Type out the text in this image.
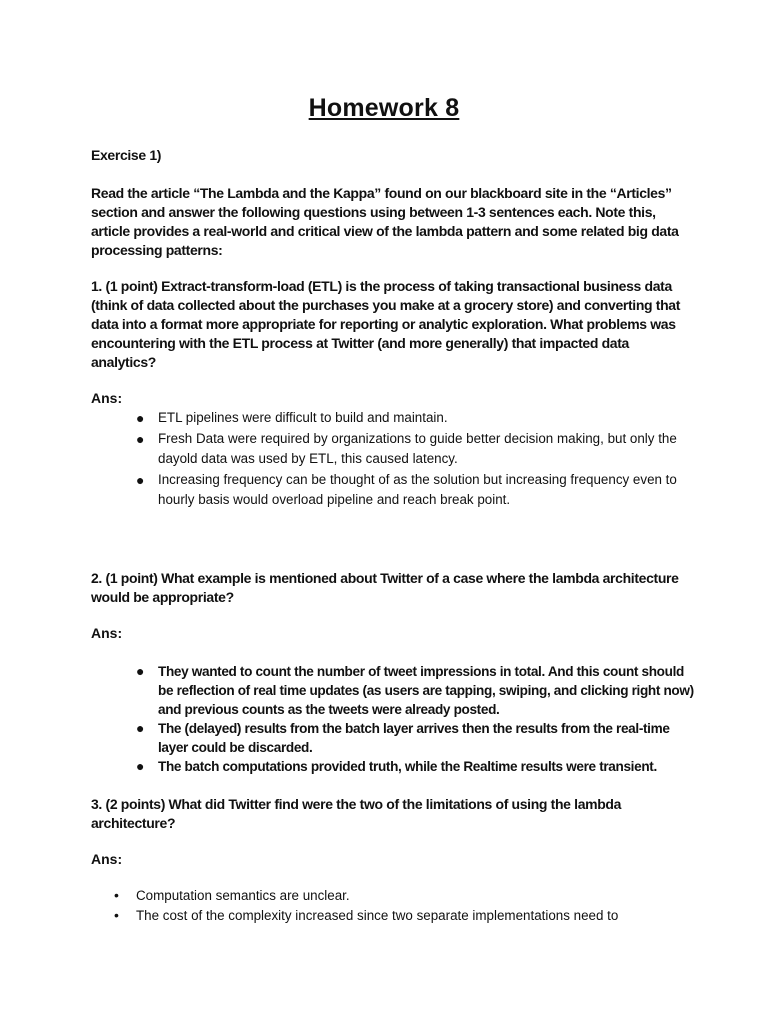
Homework 8
Exercise 1)
Read the article “The Lambda and the Kappa” found on our blackboard site in the “Articles” section and answer the following questions using between 1-3 sentences each. Note this, article provides a real-world and critical view of the lambda pattern and some related big data processing patterns:
1. (1 point) Extract-transform-load (ETL) is the process of taking transactional business data (think of data collected about the purchases you make at a grocery store) and converting that data into a format more appropriate for reporting or analytic exploration. What problems was encountering with the ETL process at Twitter (and more generally) that impacted data analytics?
Ans:
● ETL pipelines were difficult to build and maintain.
● Fresh Data were required by organizations to guide better decision making, but only the dayold data was used by ETL, this caused latency.
● Increasing frequency can be thought of as the solution but increasing frequency even to hourly basis would overload pipeline and reach break point.
2. (1 point) What example is mentioned about Twitter of a case where the lambda architecture would be appropriate?
Ans:
● They wanted to count the number of tweet impressions in total. And this count should be reflection of real time updates (as users are tapping, swiping, and clicking right now) and previous counts as the tweets were already posted.
● The (delayed) results from the batch layer arrives then the results from the real-time layer could be discarded.
● The batch computations provided truth, while the Realtime results were transient.
3. (2 points) What did Twitter find were the two of the limitations of using the lambda architecture?
Ans:
• Computation semantics are unclear.
• The cost of the complexity increased since two separate implementations need to
